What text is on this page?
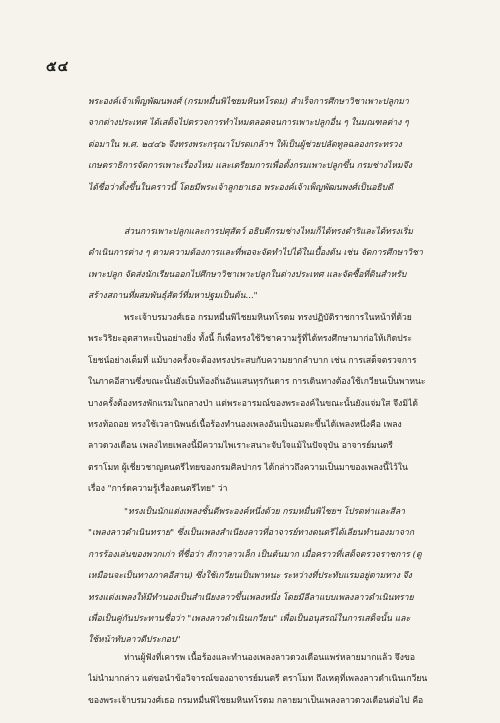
๕๔

พระองค์เจ้าเพ็ญพัฒนพงศ์ (กรมหมื่นพิไชยมหินทโรดม) สำเร็จการศึกษาวิชาเพาะปลูกมา
จากต่างประเทศ ได้เสด็จไปตรวจการทำไหมตลอดจนการเพาะปลูกอื่น ๆ ในมณฑลต่าง ๆ
ต่อมาใน พ.ศ. ๒๔๔๖ จึงทรงพระกรุณาโปรดเกล้าฯ ให้เป็นผู้ช่วยปลัดทูลฉลองกระทรวง
เกษตราธิการจัดการเพาะเรื่องไหม และเตรียมการเพื่อตั้งกรมเพาะปลูกขึ้น กรมช่างไหมจึง
ได้ชื่อว่าตั้งขึ้นในคราวนี้ โดยมีพระเจ้าลูกยาเธอ พระองค์เจ้าเพ็ญพัฒนพงศ์เป็นอธิบดี

ส่วนการเพาะปลูกและการปศุสัตว์ อธิบดีกรมช่างไหมก็ได้ทรงดำริและได้ทรงเริ่ม
ดำเนินการต่าง ๆ ตามความต้องการและที่พอจะจัดทำไปได้ในเบื้องต้น เช่น จัดการศึกษาวิชา
เพาะปลูก จัดส่งนักเรียนออกไปศึกษาวิชาเพาะปลูกในต่างประเทศ และจัดซื้อที่ดินสำหรับ
สร้างสถานที่ผสมพันธุ์สัตว์ที่มหาปฐมเป็นต้น..."

พระเจ้าบรมวงศ์เธอ กรมหมื่นพิไชยมหินทโรดม ทรงปฏิบัติราชการในหน้าที่ด้วย
พระวิริยะอุตสาหะเป็นอย่างยิ่ง ทั้งนี้ ก็เพื่อทรงใช้วิชาความรู้ที่ได้ทรงศึกษามาก่อให้เกิดประ
โยชน์อย่างเต็มที่ แม้บางครั้งจะต้องทรงประสบกับความยากลำบาก เช่น การเสด็จตรวจการ
ในภาคอีสานซึ่งขณะนั้นยังเป็นท้องถิ่นอันแสนทุรกันดาร การเดินทางต้องใช้เกวียนเป็นพาหนะ
บางครั้งต้องทรงพักแรมในกลางป่า แต่พระอารมณ์ของพระองค์ในขณะนั้นยังแจ่มใส จึงมิได้
ทรงท้อถอย ทรงใช้เวลานิพนธ์เนื้อร้องทำนองเพลงอันเป็นอมตะขึ้นได้เพลงหนึ่งคือ เพลง
ลาวดวงเดือน เพลงไทยเพลงนี้มีความไพเราะสนาะจับใจแม้ในปัจจุบัน อาจารย์มนตรี
ตราโมท ผู้เชี่ยวชาญดนตรีไทยของกรมศิลปากร ได้กล่าวถึงความเป็นมาของเพลงนี้ไว้ใน
เรื่อง "การ์ดความรู้เรื่องดนตรีไทย" ว่า

"ทรงเป็นนักแต่งเพลงชั้นดีพระองค์หนึ่งด้วย กรมหมื่นพิไชยฯ โปรดท่าและสีลา
"เพลงลาวดำเนินทราย" ซึ่งเป็นเพลงสำเนียงลาวที่อาจารย์ทางดนตรีได้เลียนทำนองมาจาก
การร้องเล่นของพวกเก่า ที่ชื่อว่า สักวาลาวเล็ก เป็นต้นมาก เมื่อคราวที่เสด็จตรวจราชการ (ตู
เหมือนจะเป็นทางภาคอีสาน) ซึ่งใช้เกวียนเป็นพาหนะ ระหว่างที่ประทับแรมอยู่ตามทาง จึง
ทรงแต่งเพลงให้มีทำนองเป็นสำเนียงลาวขึ้นเพลงหนึ่ง โดยมีลีลาแบบเพลงลาวดำเนินทราย
เพื่อเป็นคู่กันประทานชื่อว่า "เพลงลาวดำเนินเกวียน" เพื่อเป็นอนุสรณ์ในการเสด็จนั้น และ
ใช้หน้าทับลาวดีประกอบ"

ท่านผู้ฟังที่เคารพ เนื้อร้องและทำนองเพลงลาวดวงเดือนแพร่หลายมากแล้ว จึงขอ
ไม่นำมากล่าว แต่ขอนำข้อวิจารณ์ของอาจารย์มนตรี ตราโมท ถึงเหตุที่เพลงลาวดำเนินเกวียน
ของพระเจ้าบรมวงศ์เธอ กรมหมื่นพิไชยมหินทโรดม กลายมาเป็นเพลงลาวดวงเดือนต่อไป คือ
